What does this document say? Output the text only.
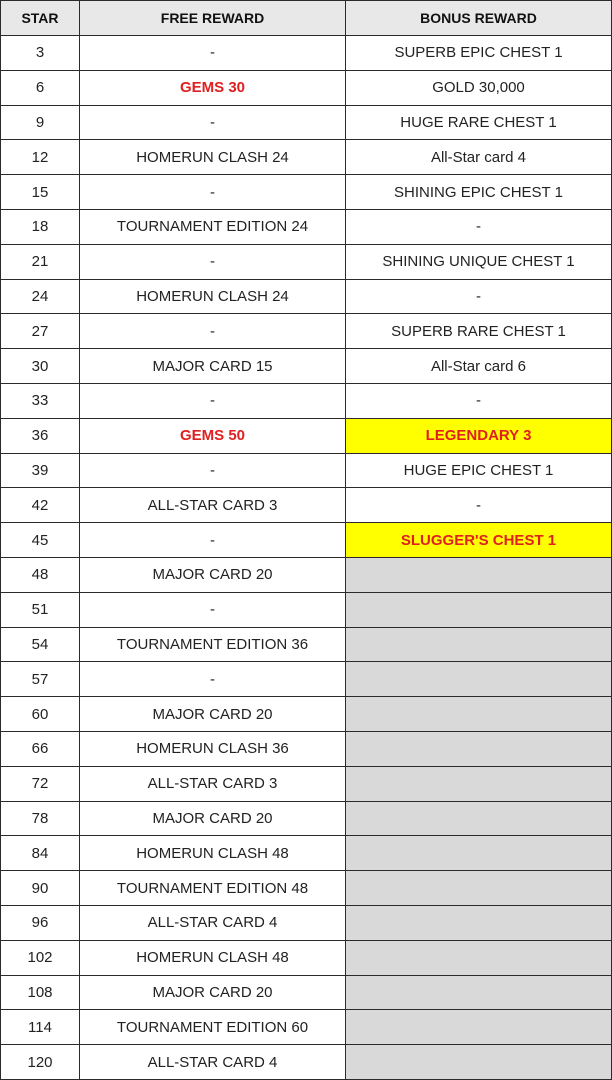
STAR	FREE REWARD	BONUS REWARD
3	-	SUPERB EPIC CHEST 1
6	GEMS 30	GOLD 30,000
9	-	HUGE RARE CHEST 1
12	HOMERUN CLASH 24	All-Star card 4
15	-	SHINING EPIC CHEST 1
18	TOURNAMENT EDITION 24	-
21	-	SHINING UNIQUE CHEST 1
24	HOMERUN CLASH 24	-
27	-	SUPERB RARE CHEST 1
30	MAJOR CARD 15	All-Star card 6
33	-	-
36	GEMS 50	LEGENDARY 3
39	-	HUGE EPIC CHEST 1
42	ALL-STAR CARD 3	-
45	-	SLUGGER'S CHEST 1
48	MAJOR CARD 20	
51	-	
54	TOURNAMENT EDITION 36	
57	-	
60	MAJOR CARD 20	
66	HOMERUN CLASH 36	
72	ALL-STAR CARD 3	
78	MAJOR CARD 20	
84	HOMERUN CLASH 48	
90	TOURNAMENT EDITION 48	
96	ALL-STAR CARD 4	
102	HOMERUN CLASH 48	
108	MAJOR CARD 20	
114	TOURNAMENT EDITION 60	
120	ALL-STAR CARD 4	
